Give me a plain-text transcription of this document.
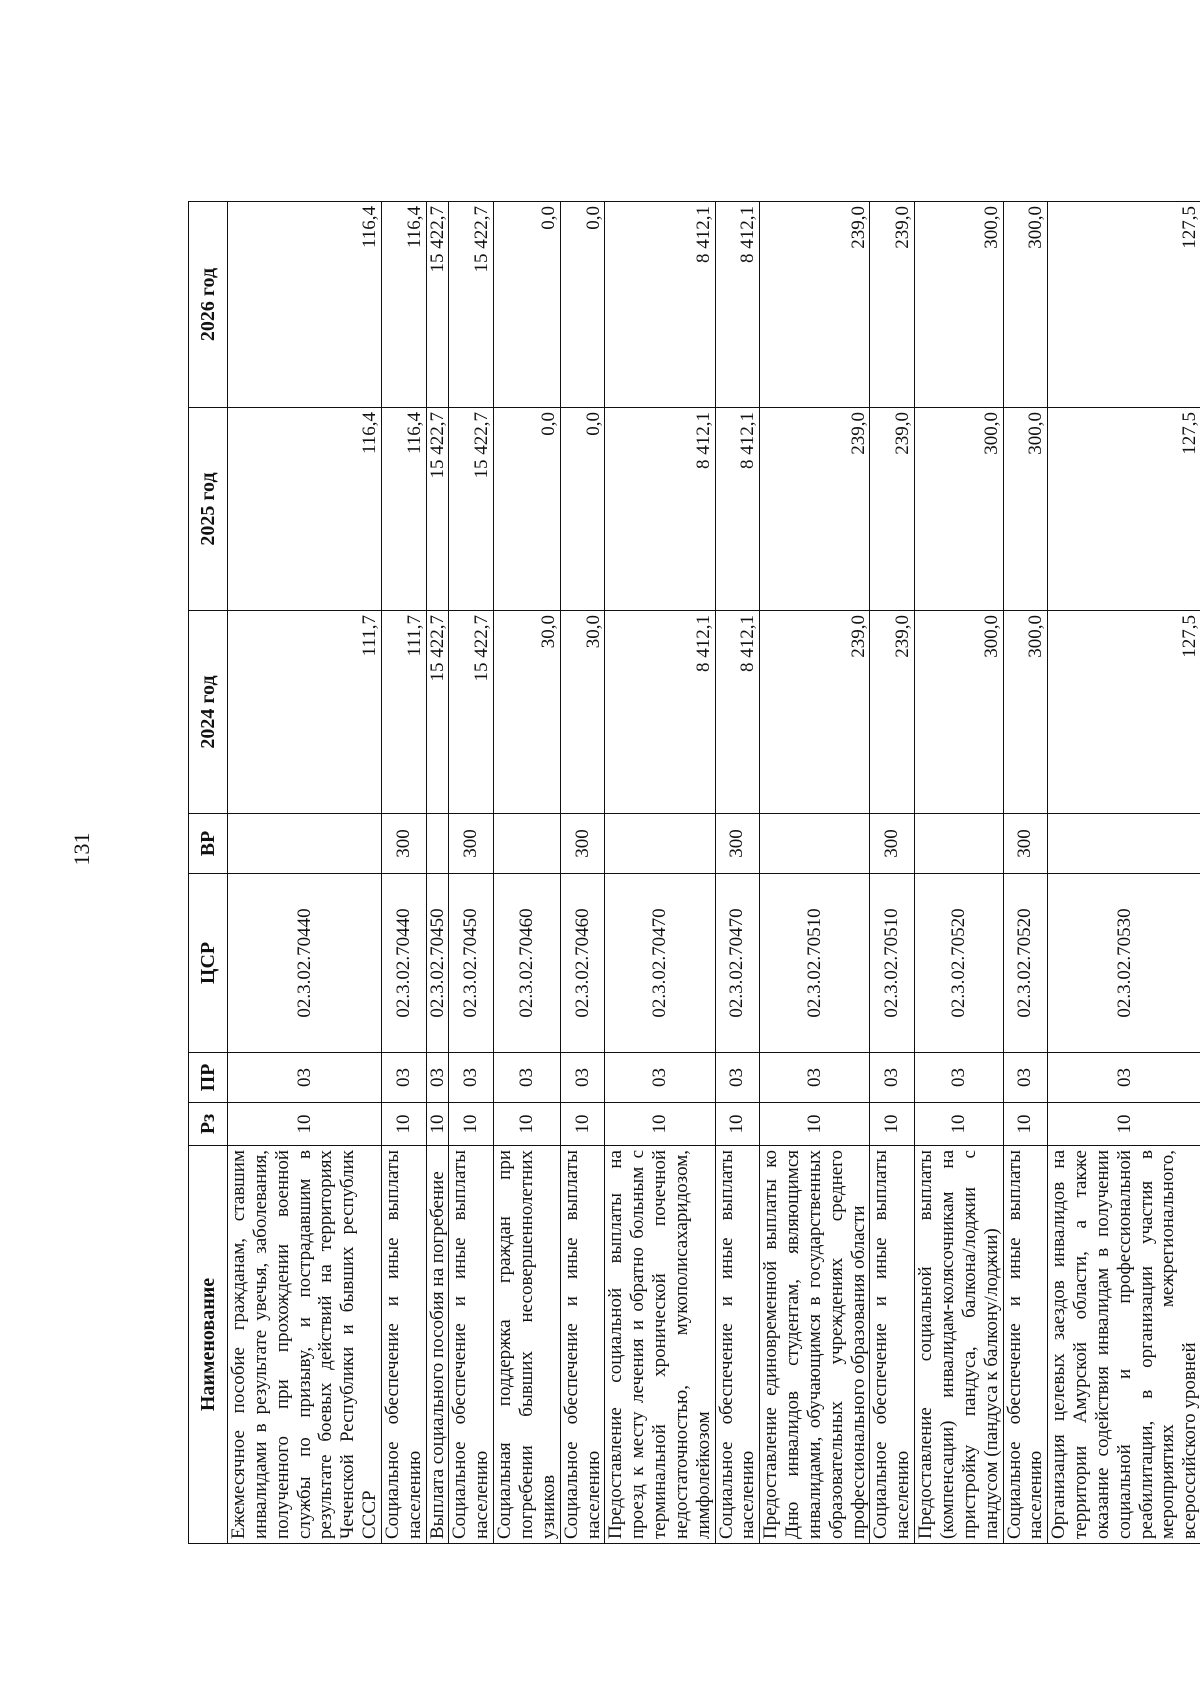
131
Наименование	Рз	ПР	ЦСР	ВР	2024 год	2025 год	2026 год
Ежемесячное пособие гражданам, ставшим инвалидами в результате увечья, заболевания, полученного при прохождении военной службы по призыву, и пострадавшим в результате боевых действий на территориях Чеченской Республики и бывших республик СССР	10	03	02.3.02.70440		111,7	116,4	116,4
Социальное обеспечение и иные выплаты населению	10	03	02.3.02.70440	300	111,7	116,4	116,4
Выплата социального пособия на погребение	10	03	02.3.02.70450		15 422,7	15 422,7	15 422,7
Социальное обеспечение и иные выплаты населению	10	03	02.3.02.70450	300	15 422,7	15 422,7	15 422,7
Социальная поддержка граждан при погребении бывших несовершеннолетних узников	10	03	02.3.02.70460		30,0	0,0	0,0
Социальное обеспечение и иные выплаты населению	10	03	02.3.02.70460	300	30,0	0,0	0,0
Предоставление социальной выплаты на проезд к месту лечения и обратно больным с терминальной хронической почечной недостаточностью, мукополисахаридозом, лимфолейкозом	10	03	02.3.02.70470		8 412,1	8 412,1	8 412,1
Социальное обеспечение и иные выплаты населению	10	03	02.3.02.70470	300	8 412,1	8 412,1	8 412,1
Предоставление единовременной выплаты ко Дню инвалидов студентам, являющимся инвалидами, обучающимся в государственных образовательных учреждениях среднего профессионального образования области	10	03	02.3.02.70510		239,0	239,0	239,0
Социальное обеспечение и иные выплаты населению	10	03	02.3.02.70510	300	239,0	239,0	239,0
Предоставление социальной выплаты (компенсации) инвалидам-колясочникам на пристройку пандуса, балкона/лоджии с пандусом (пандуса к балкону/лоджии)	10	03	02.3.02.70520		300,0	300,0	300,0
Социальное обеспечение и иные выплаты населению	10	03	02.3.02.70520	300	300,0	300,0	300,0
Организация целевых заездов инвалидов на территории Амурской области, а также оказание содействия инвалидам в получении социальной и профессиональной реабилитации, в организации участия в мероприятиях межрегионального, всероссийского уровней	10	03	02.3.02.70530		127,5	127,5	127,5
